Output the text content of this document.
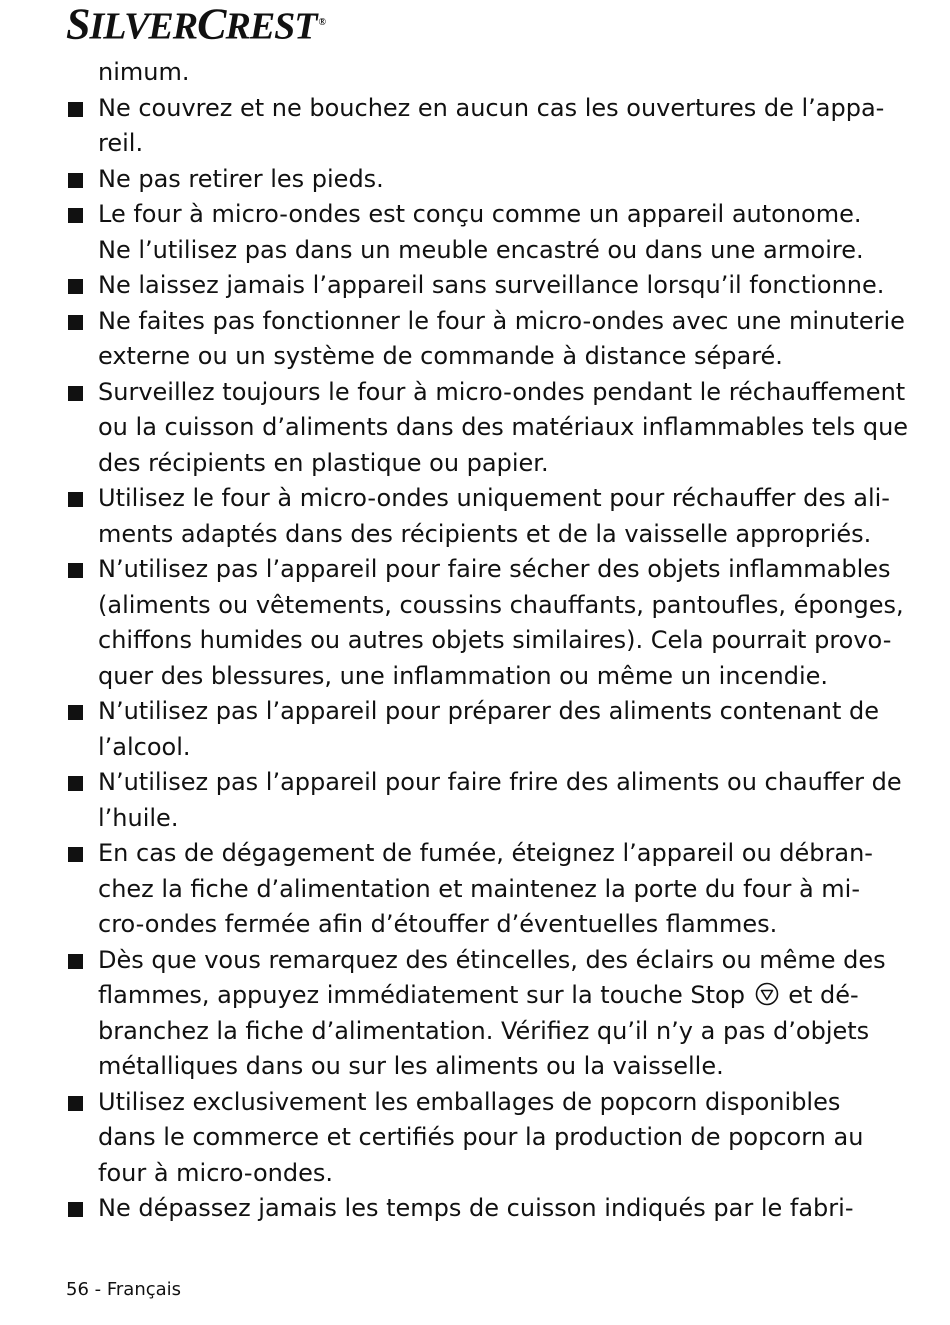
SILVERCREST ®
nimum.
Ne couvrez et ne bouchez en aucun cas les ouvertures de l’appa-
reil.
Ne pas retirer les pieds.
Le four à micro-ondes est conçu comme un appareil autonome.
Ne l’utilisez pas dans un meuble encastré ou dans une armoire.
Ne laissez jamais l’appareil sans surveillance lorsqu’il fonctionne.
Ne faites pas fonctionner le four à micro-ondes avec une minuterie
externe ou un système de commande à distance séparé.
Surveillez toujours le four à micro-ondes pendant le réchauffement
ou la cuisson d’aliments dans des matériaux inflammables tels que
des récipients en plastique ou papier.
Utilisez le four à micro-ondes uniquement pour réchauffer des ali-
ments adaptés dans des récipients et de la vaisselle appropriés.
N’utilisez pas l’appareil pour faire sécher des objets inflammables
(aliments ou vêtements, coussins chauffants, pantoufles, éponges,
chiffons humides ou autres objets similaires). Cela pourrait provo-
quer des blessures, une inflammation ou même un incendie.
N’utilisez pas l’appareil pour préparer des aliments contenant de
l’alcool.
N’utilisez pas l’appareil pour faire frire des aliments ou chauffer de
l’huile.
En cas de dégagement de fumée, éteignez l’appareil ou débran-
chez la fiche d’alimentation et maintenez la porte du four à mi-
cro-ondes fermée afin d’étouffer d’éventuelles flammes.
Dès que vous remarquez des étincelles, des éclairs ou même des
flammes, appuyez immédiatement sur la touche Stop et dé-
branchez la fiche d’alimentation. Vérifiez qu’il n’y a pas d’objets
métalliques dans ou sur les aliments ou la vaisselle.
Utilisez exclusivement les emballages de popcorn disponibles
dans le commerce et certifiés pour la production de popcorn au
four à micro-ondes.
Ne dépassez jamais les temps de cuisson indiqués par le fabri-
56 - Français
